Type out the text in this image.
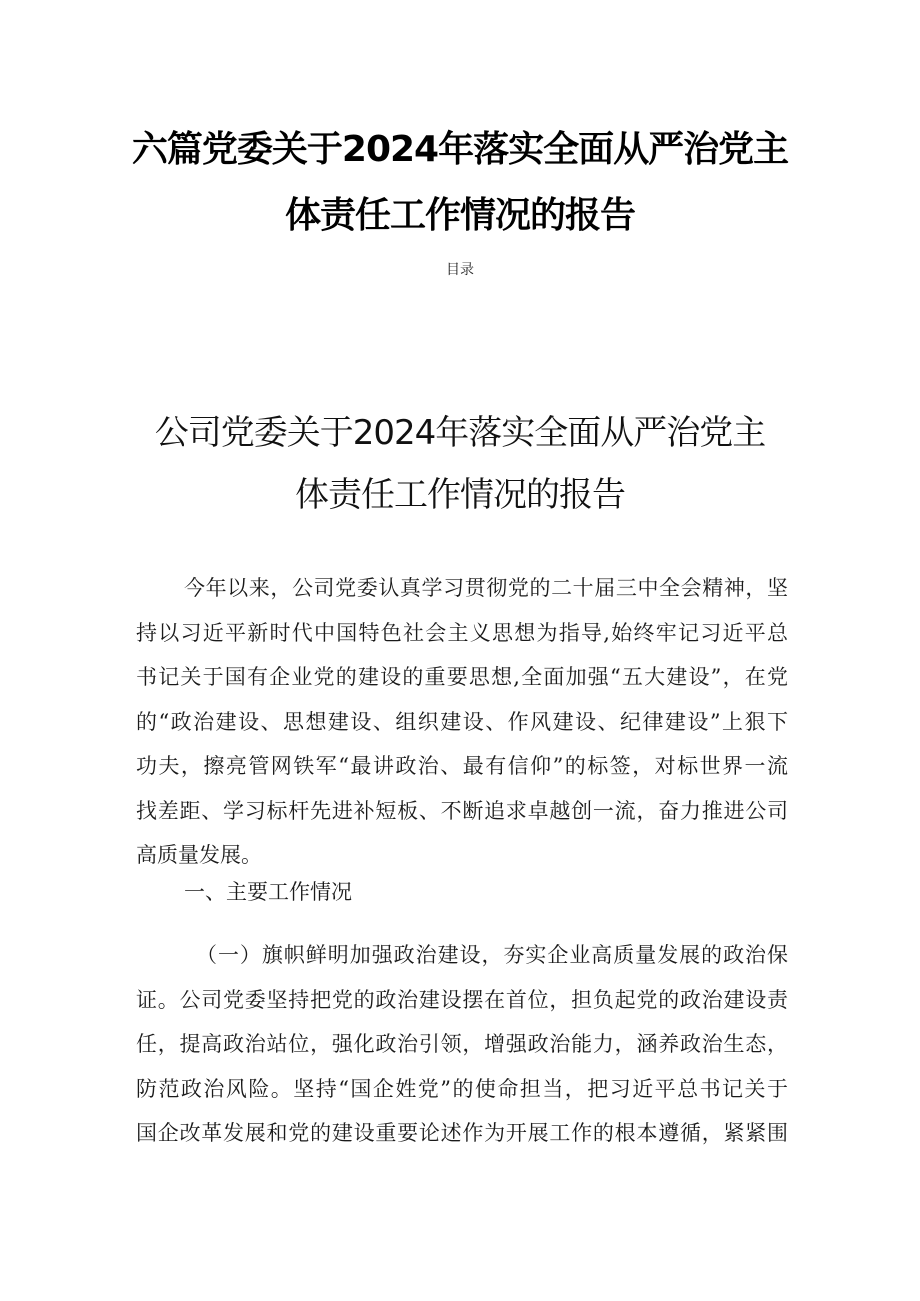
六篇党委关于2024年落实全面从严治党主
体责任工作情况的报告
目录
公司党委关于2024年落实全面从严治党主
体责任工作情况的报告
今年以来，公司党委认真学习贯彻党的二十届三中全会精神，坚
持以习近平新时代中国特色社会主义思想为指导,始终牢记习近平总
书记关于国有企业党的建设的重要思想,全面加强“五大建设”，在党
的“政治建设、思想建设、组织建设、作风建设、纪律建设”上狠下
功夫，擦亮管网铁军“最讲政治、最有信仰”的标签，对标世界一流
找差距、学习标杆先进补短板、不断追求卓越创一流，奋力推进公司
高质量发展。
一、主要工作情况
（一）旗帜鲜明加强政治建设，夯实企业高质量发展的政治保
证。公司党委坚持把党的政治建设摆在首位，担负起党的政治建设责
任，提高政治站位，强化政治引领，增强政治能力，涵养政治生态，
防范政治风险。坚持“国企姓党”的使命担当，把习近平总书记关于
国企改革发展和党的建设重要论述作为开展工作的根本遵循，紧紧围
